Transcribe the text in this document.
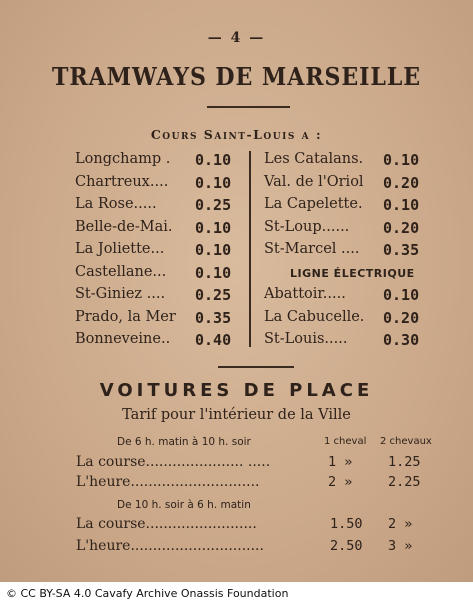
— 4 —
TRAMWAYS DE MARSEILLE
Cours Saint-Louis a :
Longchamp . 0.10
Chartreux.... 0.10
La Rose.....	0.25
Belle-de-Mai. 0.10
La Joliette... 0.10
Castellane... 0.10
St-Giniez .... 0.25
Prado, la Mer 0.35
Bonneveine.. 0.40
Les Catalans. 0.10
Val. de l'Oriol 0.20
La Capelette. 0.10
St-Loup...... 0.20
St-Marcel .... 0.35
Abattoir..... 0.10
La Cabucelle. 0.20
St-Louis..... 0.30
LIGNE ÉLECTRIQUE
VOITURES DE PLACE
Tarif pour l'intérieur de la Ville
De 6 h. matin à 10 h. soir	1 cheval 2 chevaux
La course...................... .....	1 »	1.25
L'heure.............................	2 »	2.25
De 10 h. soir à 6 h. matin
La course.........................	1.50 2 »
L'heure..............................	2.50 3 »
© CC BY-SA 4.0 Cavafy Archive Onassis Foundation
